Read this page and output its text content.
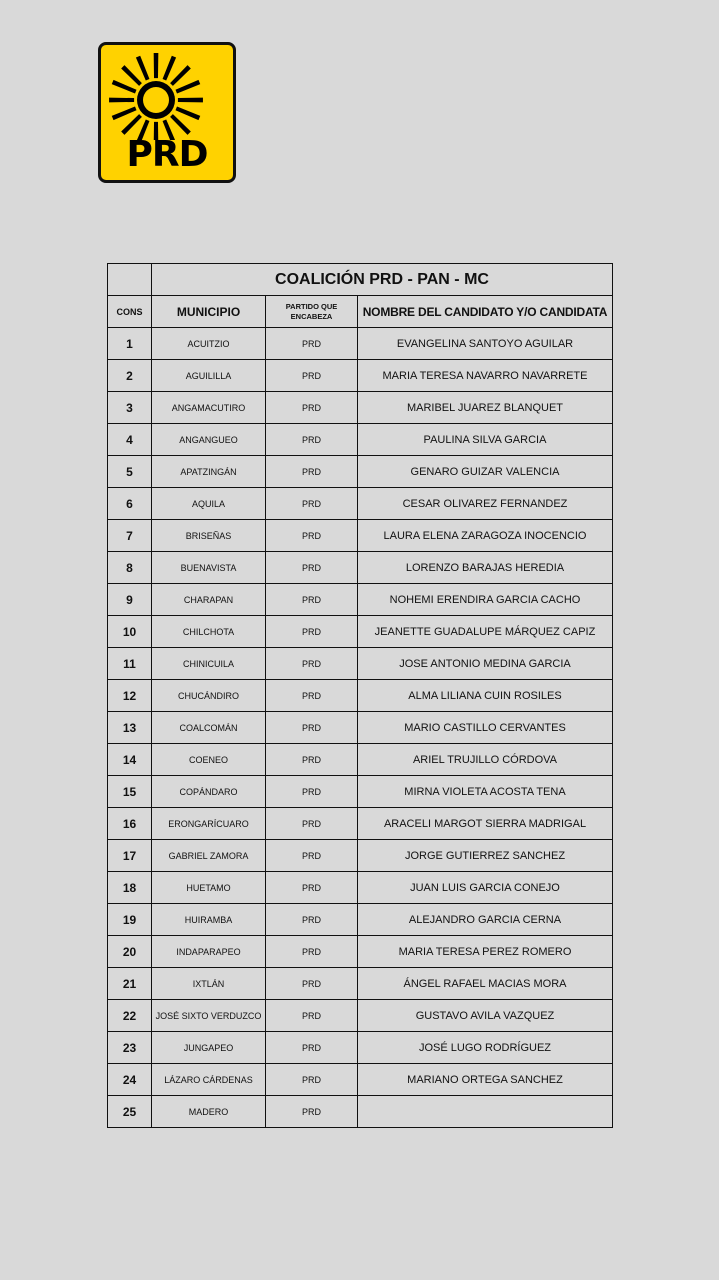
PRD
	COALICIÓN PRD - PAN - MC		
CONS	MUNICIPIO	PARTIDO QUE ENCABEZA	NOMBRE DEL CANDIDATO Y/O CANDIDATA
1	ACUITZIO	PRD	EVANGELINA SANTOYO AGUILAR
2	AGUILILLA	PRD	MARIA TERESA NAVARRO NAVARRETE
3	ANGAMACUTIRO	PRD	MARIBEL JUAREZ BLANQUET
4	ANGANGUEO	PRD	PAULINA SILVA GARCIA
5	APATZINGÁN	PRD	GENARO GUIZAR VALENCIA
6	AQUILA	PRD	CESAR OLIVAREZ FERNANDEZ
7	BRISEÑAS	PRD	LAURA ELENA ZARAGOZA INOCENCIO
8	BUENAVISTA	PRD	LORENZO BARAJAS HEREDIA
9	CHARAPAN	PRD	NOHEMI ERENDIRA GARCIA CACHO
10	CHILCHOTA	PRD	JEANETTE GUADALUPE MÁRQUEZ CAPIZ
11	CHINICUILA	PRD	JOSE ANTONIO MEDINA GARCIA
12	CHUCÁNDIRO	PRD	ALMA LILIANA CUIN ROSILES
13	COALCOMÁN	PRD	MARIO CASTILLO CERVANTES
14	COENEO	PRD	ARIEL TRUJILLO CÓRDOVA
15	COPÁNDARO	PRD	MIRNA VIOLETA ACOSTA TENA
16	ERONGARÍCUARO	PRD	ARACELI MARGOT SIERRA MADRIGAL
17	GABRIEL ZAMORA	PRD	JORGE GUTIERREZ SANCHEZ
18	HUETAMO	PRD	JUAN LUIS GARCIA CONEJO
19	HUIRAMBA	PRD	ALEJANDRO GARCIA CERNA
20	INDAPARAPEO	PRD	MARIA TERESA PEREZ ROMERO
21	IXTLÁN	PRD	ÁNGEL RAFAEL MACIAS MORA
22	JOSÉ SIXTO VERDUZCO	PRD	GUSTAVO AVILA VAZQUEZ
23	JUNGAPEO	PRD	JOSÉ LUGO RODRÍGUEZ
24	LÁZARO CÁRDENAS	PRD	MARIANO ORTEGA SANCHEZ
25	MADERO	PRD	
